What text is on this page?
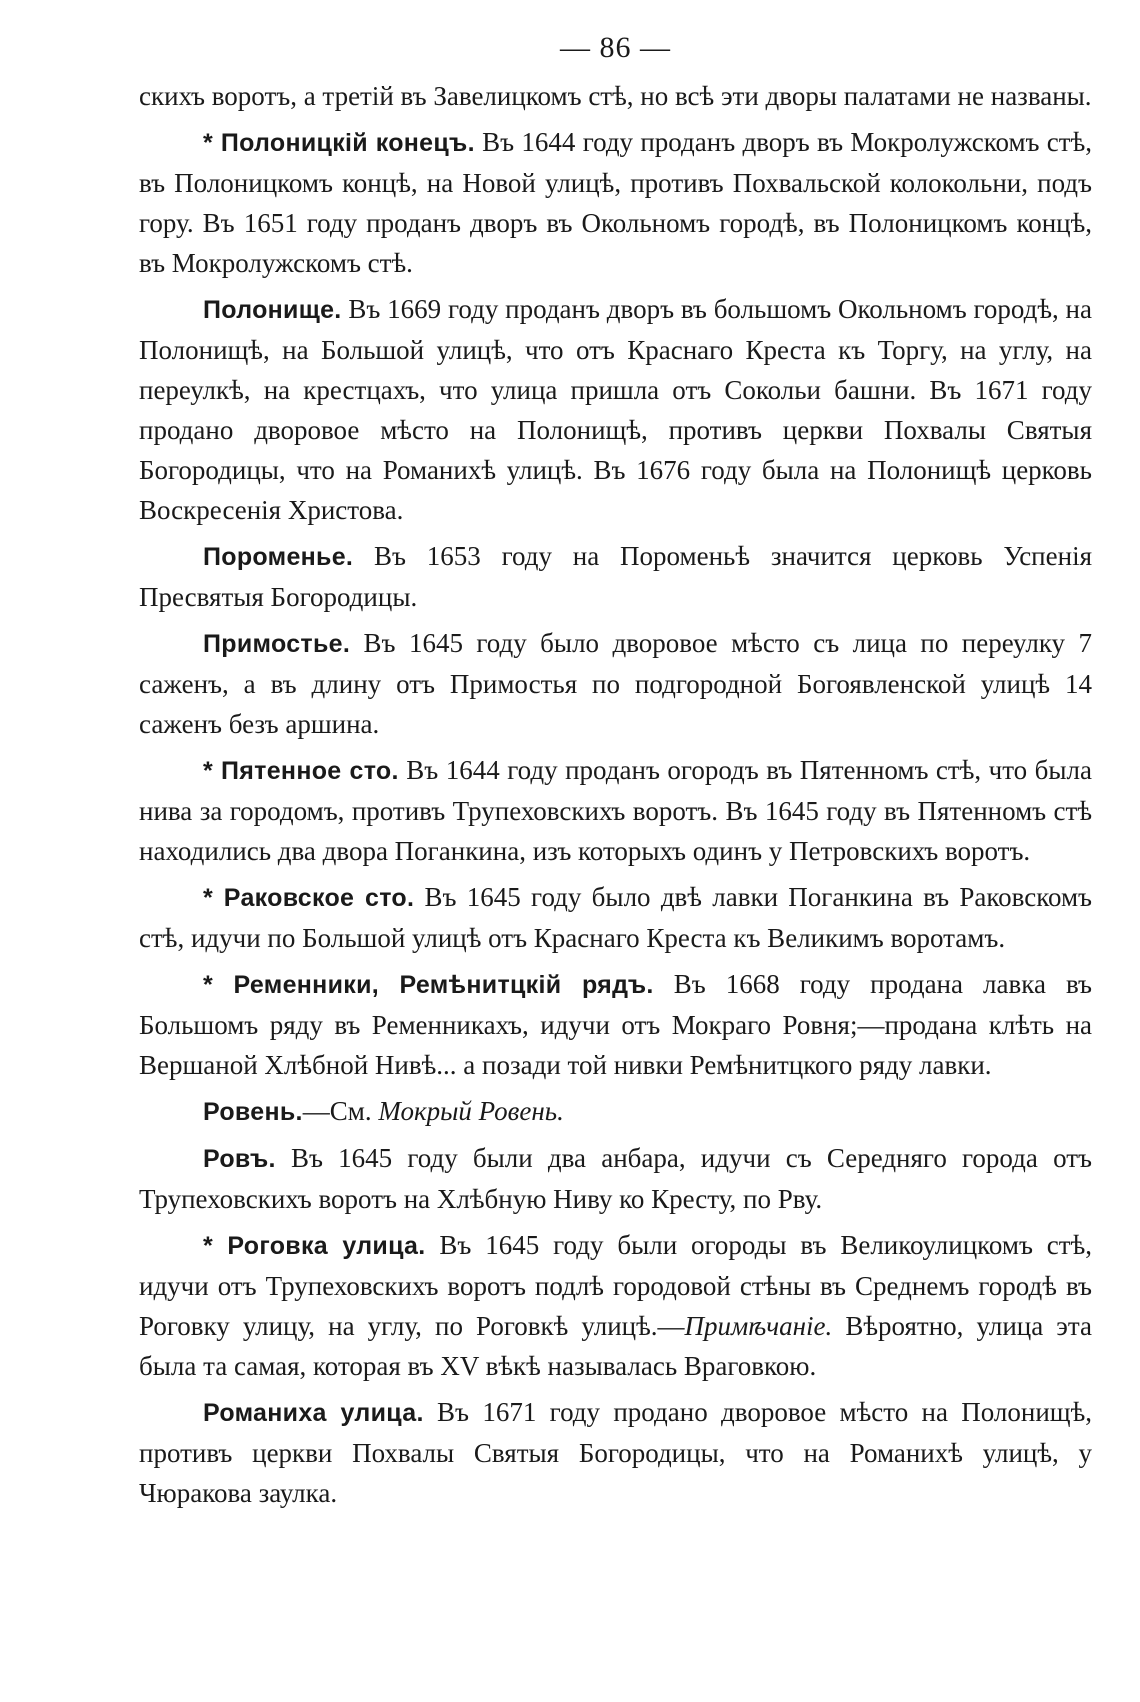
— 86 —

скихъ воротъ, а третій въ Завелицкомъ стѣ, но всѣ эти дворы палатами не названы.

* Полоницкій конецъ. Въ 1644 году проданъ дворъ въ Мокролужскомъ стѣ, въ Полоницкомъ концѣ, на Новой улицѣ, противъ Похвальской колокольни, подъ гору. Въ 1651 году проданъ дворъ въ Окольномъ городѣ, въ Полоницкомъ концѣ, въ Мокролужскомъ стѣ.

Полонище. Въ 1669 году проданъ дворъ въ большомъ Окольномъ городѣ, на Полонищѣ, на Большой улицѣ, что отъ Краснаго Креста къ Торгу, на углу, на переулкѣ, на крестцахъ, что улица пришла отъ Сокольи башни. Въ 1671 году продано дворовое мѣсто на Полонищѣ, противъ церкви Похвалы Святыя Богородицы, что на Романихѣ улицѣ. Въ 1676 году была на Полонищѣ церковь Воскресенія Христова.

Пороменье. Въ 1653 году на Пороменьѣ значится церковь Успенія Пресвятыя Богородицы.

Примостье. Въ 1645 году было дворовое мѣсто съ лица по переулку 7 саженъ, а въ длину отъ Примостья по подгородной Богоявленской улицѣ 14 саженъ безъ аршина.

* Пятенное сто. Въ 1644 году проданъ огородъ въ Пятенномъ стѣ, что была нива за городомъ, противъ Трупеховскихъ воротъ. Въ 1645 году въ Пятенномъ стѣ находились два двора Поганкина, изъ которыхъ одинъ у Петровскихъ воротъ.

* Раковское сто. Въ 1645 году было двѣ лавки Поганкина въ Раковскомъ стѣ, идучи по Большой улицѣ отъ Краснаго Креста къ Великимъ воротамъ.

* Ременники, Ремѣнитцкій рядъ. Въ 1668 году продана лавка въ Большомъ ряду въ Ременникахъ, идучи отъ Мокраго Ровня;—продана клѣть на Вершаной Хлѣбной Нивѣ... а позади той нивки Ремѣнитцкого ряду лавки.

Ровень.—См. Мокрый Ровень.

Ровъ. Въ 1645 году были два анбара, идучи съ Середняго города отъ Трупеховскихъ воротъ на Хлѣбную Ниву ко Кресту, по Рву.

* Роговка улица. Въ 1645 году были огороды въ Великоулицкомъ стѣ, идучи отъ Трупеховскихъ воротъ подлѣ городовой стѣны въ Среднемъ городѣ въ Роговку улицу, на углу, по Роговкѣ улицѣ.—Примѣчаніе. Вѣроятно, улица эта была та самая, которая въ XV вѣкѣ называлась Враговкою.

Романиха улица. Въ 1671 году продано дворовое мѣсто на Полонищѣ, противъ церкви Похвалы Святыя Богородицы, что на Романихѣ улицѣ, у Чюракова заулка.
